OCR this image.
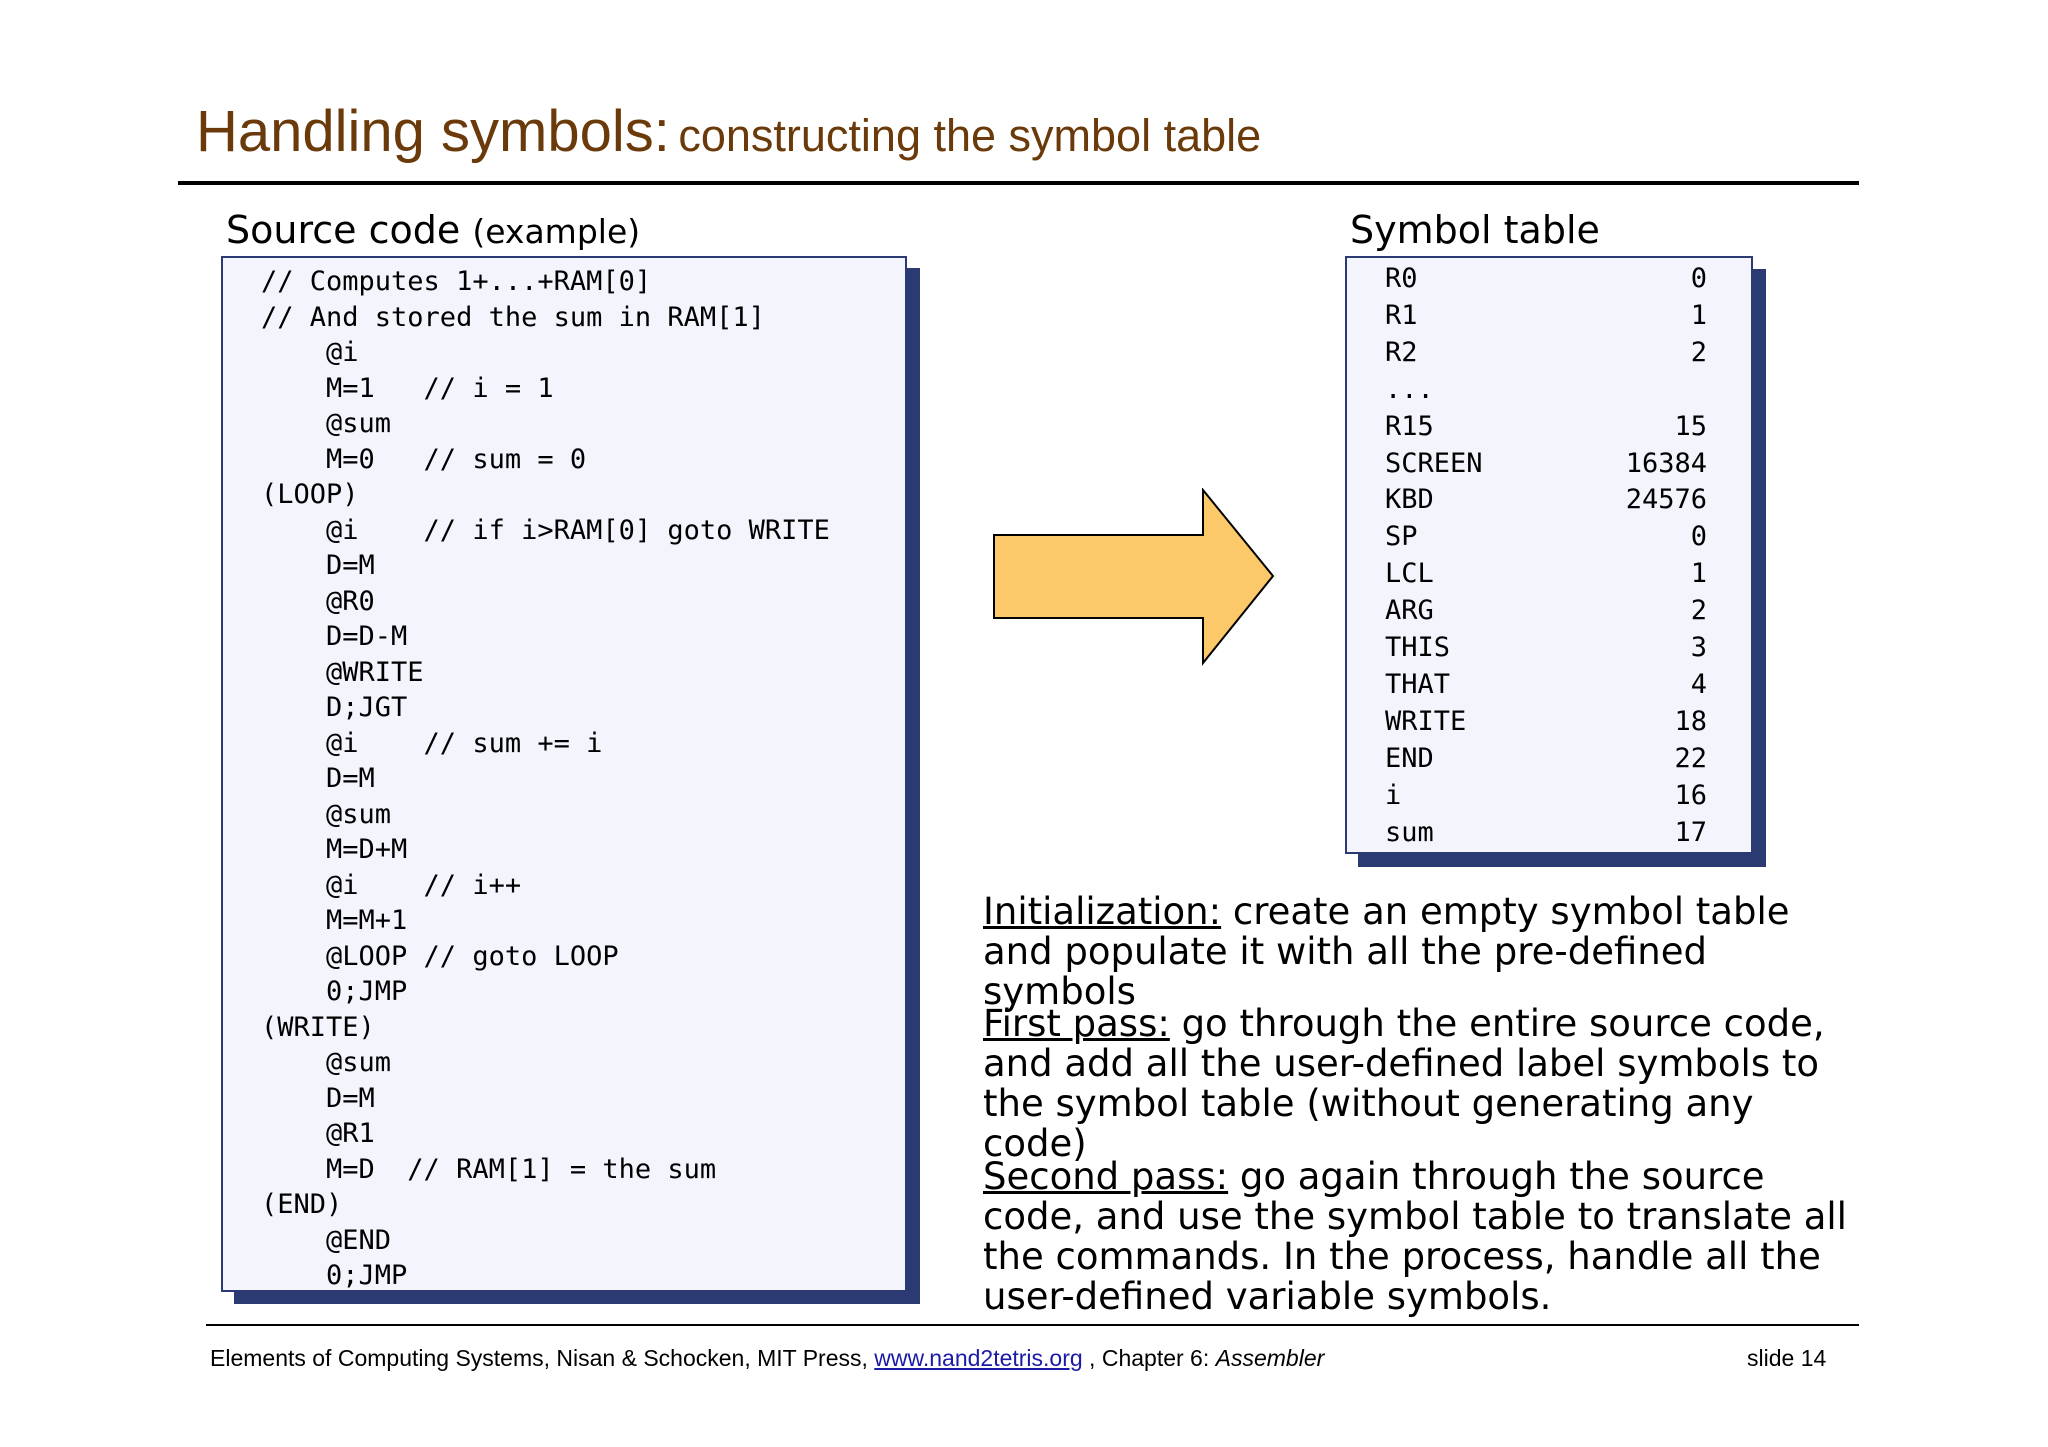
Handling symbols: constructing the symbol table
Source code (example)
// Computes 1+...+RAM[0]
// And stored the sum in RAM[1]
@i
M=1   // i = 1
@sum
M=0   // sum = 0
(LOOP)
@i    // if i>RAM[0] goto WRITE
D=M
@R0
D=D-M
@WRITE
D;JGT
@i    // sum += i
D=M
@sum
M=D+M
@i    // i++
M=M+1
@LOOP // goto LOOP
0;JMP
(WRITE)
@sum
D=M
@R1
M=D  // RAM[1] = the sum
(END)
@END
0;JMP
Symbol table
R0	0
R1	1
R2	2
...
R15	15
SCREEN	16384
KBD	24576
SP	0
LCL	1
ARG	2
THIS	3
THAT	4
WRITE	18
END	22
i	16
sum	17
Initialization: create an empty symbol table and populate it with all the pre-defined symbols
First pass: go through the entire source code, and add all the user-defined label symbols to the symbol table (without generating any code)
Second pass: go again through the source code, and use the symbol table to translate all the commands. In the process, handle all the user-defined variable symbols.
Elements of Computing Systems, Nisan & Schocken, MIT Press, www.nand2tetris.org , Chapter 6: Assembler	slide 14
